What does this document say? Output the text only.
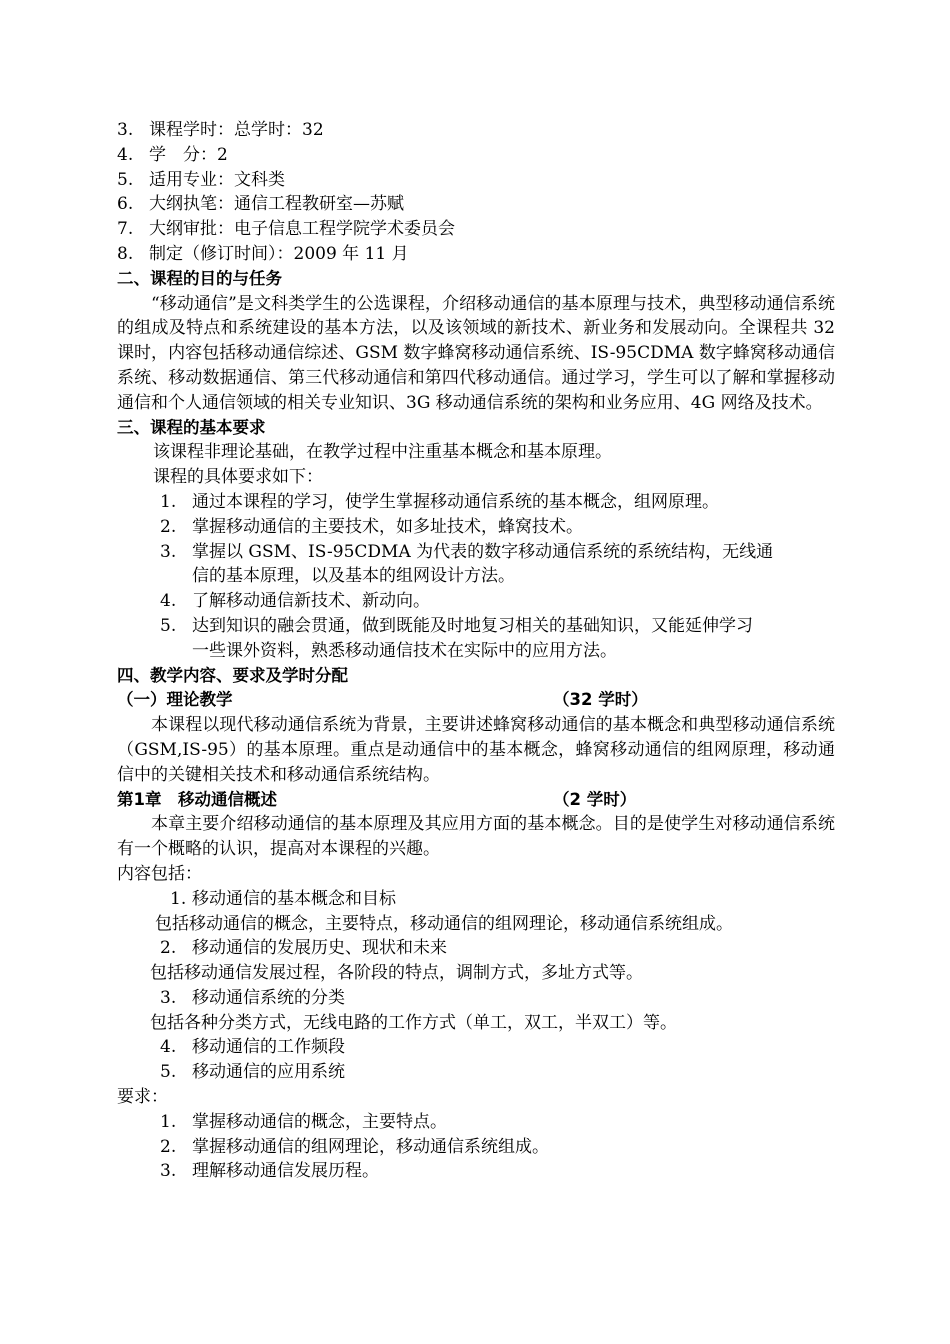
3. 课程学时：总学时：32
4. 学　分：2
5. 适用专业：文科类
6. 大纲执笔：通信工程教研室—苏赋
7. 大纲审批：电子信息工程学院学术委员会
8. 制定（修订时间）：2009 年 11 月
二、课程的目的与任务
“移动通信”是文科类学生的公选课程，介绍移动通信的基本原理与技术，典型移动通信系统的组成及特点和系统建设的基本方法，以及该领域的新技术、新业务和发展动向。全课程共 32 课时，内容包括移动通信综述、GSM 数字蜂窝移动通信系统、IS-95CDMA 数字蜂窝移动通信系统、移动数据通信、第三代移动通信和第四代移动通信。通过学习，学生可以了解和掌握移动通信和个人通信领域的相关专业知识、3G 移动通信系统的架构和业务应用、4G 网络及技术。
三、课程的基本要求
该课程非理论基础，在教学过程中注重基本概念和基本原理。
课程的具体要求如下：
1. 通过本课程的学习，使学生掌握移动通信系统的基本概念，组网原理。
2. 掌握移动通信的主要技术，如多址技术，蜂窝技术。
3. 掌握以 GSM、IS-95CDMA 为代表的数字移动通信系统的系统结构，无线通
信的基本原理，以及基本的组网设计方法。
4. 了解移动通信新技术、新动向。
5. 达到知识的融会贯通，做到既能及时地复习相关的基础知识，又能延伸学习
一些课外资料，熟悉移动通信技术在实际中的应用方法。
四、教学内容、要求及学时分配
（一）理论教学	（32 学时）
本课程以现代移动通信系统为背景，主要讲述蜂窝移动通信的基本概念和典型移动通信系统（GSM,IS-95）的基本原理。重点是动通信中的基本概念，蜂窝移动通信的组网原理，移动通信中的关键相关技术和移动通信系统结构。
第1章　移动通信概述	（2 学时）
本章主要介绍移动通信的基本原理及其应用方面的基本概念。目的是使学生对移动通信系统有一个概略的认识，提高对本课程的兴趣。
内容包括：
1. 移动通信的基本概念和目标
包括移动通信的概念，主要特点，移动通信的组网理论，移动通信系统组成。
2. 移动通信的发展历史、现状和未来
包括移动通信发展过程，各阶段的特点，调制方式，多址方式等。
3. 移动通信系统的分类
包括各种分类方式，无线电路的工作方式（单工，双工，半双工）等。
4. 移动通信的工作频段
5. 移动通信的应用系统
要求：
1. 掌握移动通信的概念，主要特点。
2. 掌握移动通信的组网理论，移动通信系统组成。
3. 理解移动通信发展历程。
